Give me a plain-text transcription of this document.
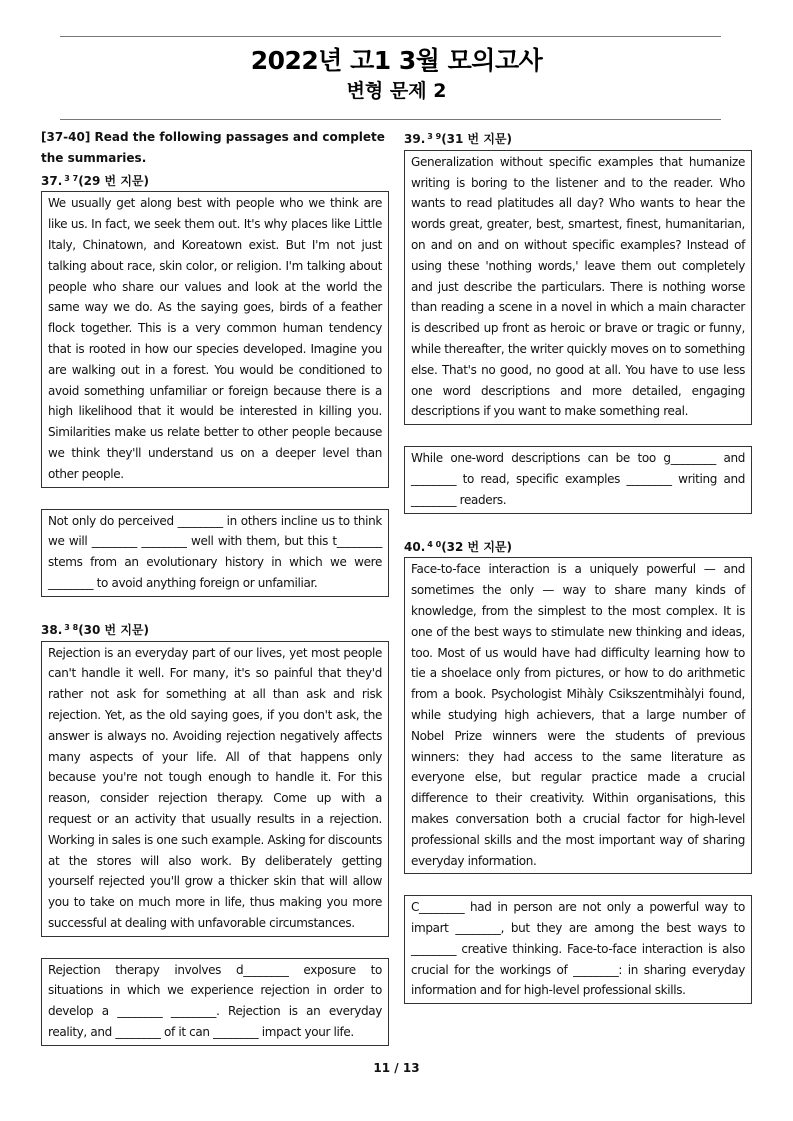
2022년 고1 3월 모의고사
변형 문제 2

[37-40] Read the following passages and complete the summaries.

37. $^{3 7}$(29 번 지문)

We usually get along best with people who we think are like us. In fact, we seek them out. It's why places like Little Italy, Chinatown, and Koreatown exist. But I'm not just talking about race, skin color, or religion. I'm talking about people who share our values and look at the world the same way we do. As the saying goes, birds of a feather flock together. This is a very common human tendency that is rooted in how our species developed. Imagine you are walking out in a forest. You would be conditioned to avoid something unfamiliar or foreign because there is a high likelihood that it would be interested in killing you. Similarities make us relate better to other people because we think they'll understand us on a deeper level than other people.
Not only do perceived ________ in others incline us to think we will ________ ________ well with them, but this t________ stems from an evolutionary history in which we were ________ to avoid anything foreign or unfamiliar.

38. $^{3 8}$(30 번 지문)

Rejection is an everyday part of our lives, yet most people can't handle it well. For many, it's so painful that they'd rather not ask for something at all than ask and risk rejection. Yet, as the old saying goes, if you don't ask, the answer is always no. Avoiding rejection negatively affects many aspects of your life. All of that happens only because you're not tough enough to handle it. For this reason, consider rejection therapy. Come up with a request or an activity that usually results in a rejection. Working in sales is one such example. Asking for discounts at the stores will also work. By deliberately getting yourself rejected you'll grow a thicker skin that will allow you to take on much more in life, thus making you more successful at dealing with unfavorable circumstances.
Rejection therapy involves d________ exposure to situations in which we experience rejection in order to develop a ________ ________. Rejection is an everyday reality, and ________ of it can ________ impact your life.

39. $^{3 9}$(31 번 지문)

Generalization without specific examples that humanize writing is boring to the listener and to the reader. Who wants to read platitudes all day? Who wants to hear the words great, greater, best, smartest, finest, humanitarian, on and on and on without specific examples? Instead of using these 'nothing words,' leave them out completely and just describe the particulars. There is nothing worse than reading a scene in a novel in which a main character is described up front as heroic or brave or tragic or funny, while thereafter, the writer quickly moves on to something else. That's no good, no good at all. You have to use less one word descriptions and more detailed, engaging descriptions if you want to make something real.
While one-word descriptions can be too g________ and ________ to read, specific examples ________ writing and ________ readers.

40. $^{4 0}$(32 번 지문)

Face-to-face interaction is a uniquely powerful — and sometimes the only — way to share many kinds of knowledge, from the simplest to the most complex. It is one of the best ways to stimulate new thinking and ideas, too. Most of us would have had difficulty learning how to tie a shoelace only from pictures, or how to do arithmetic from a book. Psychologist Mihàly Csikszentmihàlyi found, while studying high achievers, that a large number of Nobel Prize winners were the students of previous winners: they had access to the same literature as everyone else, but regular practice made a crucial difference to their creativity. Within organisations, this makes conversation both a crucial factor for high-level professional skills and the most important way of sharing everyday information.
C________ had in person are not only a powerful way to impart ________, but they are among the best ways to ________ creative thinking. Face-to-face interaction is also crucial for the workings of ________: in sharing everyday information and for high-level professional skills.
11 / 13
